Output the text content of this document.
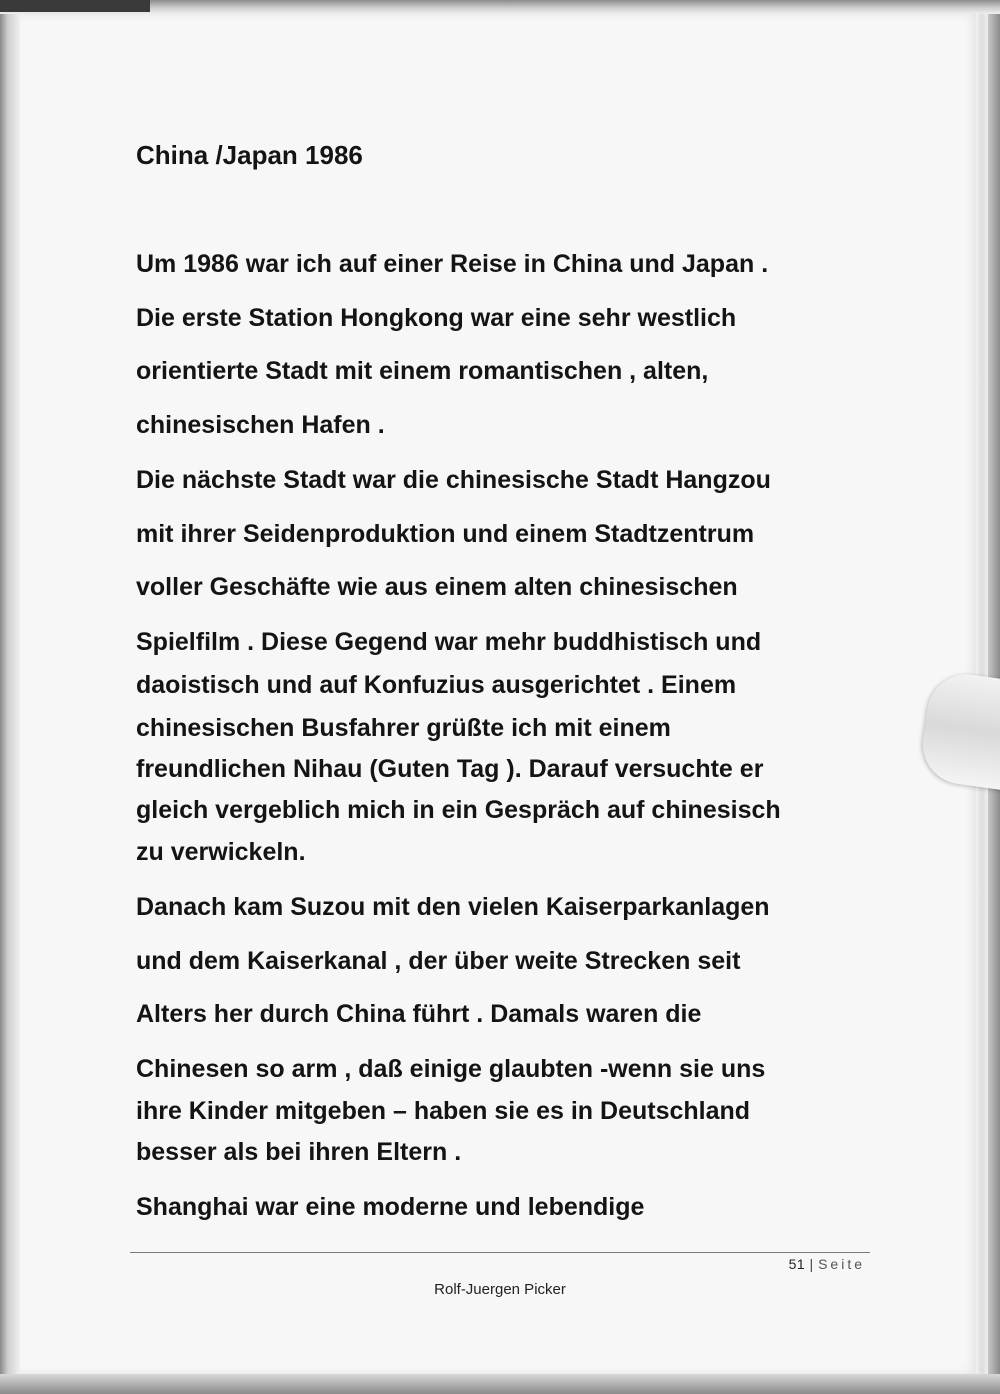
China /Japan 1986
Um 1986 war ich auf einer Reise in China und Japan .
Die erste Station Hongkong war eine sehr westlich
orientierte Stadt mit einem romantischen , alten,
chinesischen Hafen .
Die nächste Stadt war die chinesische Stadt Hangzou
mit ihrer Seidenproduktion und einem Stadtzentrum
voller Geschäfte wie aus einem alten chinesischen
Spielfilm . Diese Gegend war mehr buddhistisch und
daoistisch und auf Konfuzius ausgerichtet . Einem
chinesischen Busfahrer grüßte ich mit einem
freundlichen Nihau (Guten Tag ). Darauf versuchte er
gleich vergeblich mich in ein Gespräch auf chinesisch
zu verwickeln.
Danach kam Suzou mit den vielen Kaiserparkanlagen
und dem Kaiserkanal , der über weite Strecken seit
Alters her durch China führt . Damals waren die
Chinesen so arm , daß einige glaubten -wenn sie uns
ihre Kinder mitgeben – haben sie es in Deutschland
besser als bei ihren Eltern .
Shanghai war eine moderne und lebendige
51 | Seite
Rolf-Juergen Picker
